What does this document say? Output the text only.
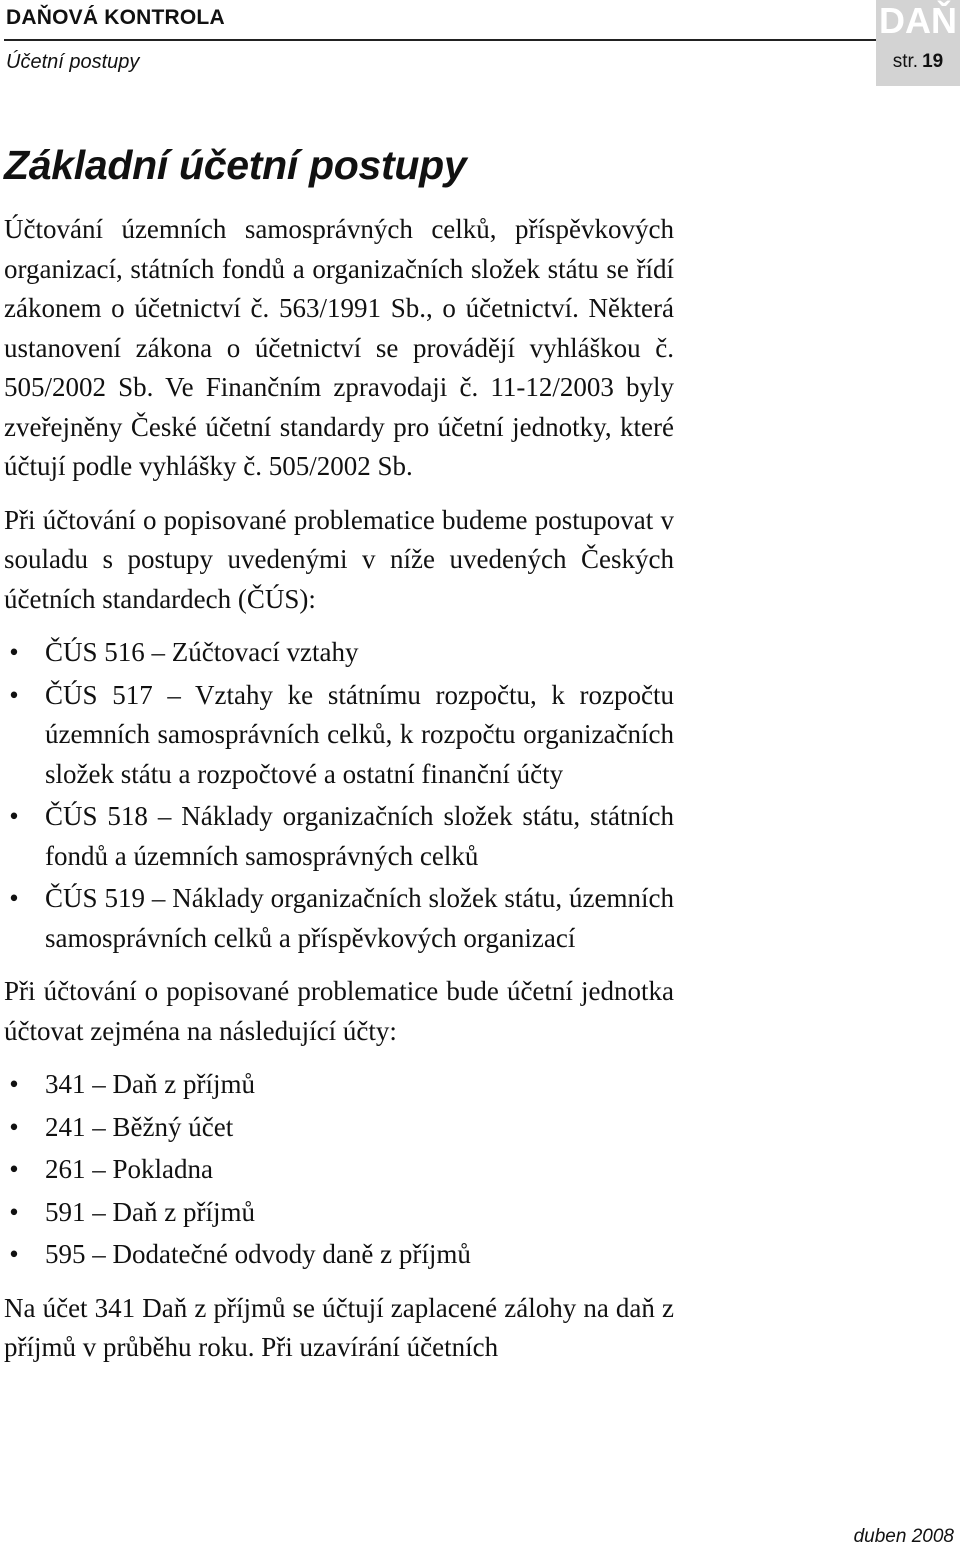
DAŇOVÁ KONTROLA
Účetní postupy
DAŇ
str. 19
Základní účetní postupy

Účtování územních samosprávných celků, příspěvkových organizací, státních fondů a organizačních složek státu se řídí zákonem o účetnictví č. 563/1991 Sb., o účetnictví. Některá ustanovení zákona o účetnictví se provádějí vyhláškou č. 505/2002 Sb. Ve Finančním zpravodaji č. 11-12/2003 byly zveřejněny České účetní standardy pro účetní jednotky, které účtují podle vyhlášky č. 505/2002 Sb.

Při účtování o popisované problematice budeme postupovat v souladu s postupy uvedenými v níže uvedených Českých účetních standardech (ČÚS):

• ČÚS 516 – Zúčtovací vztahy
• ČÚS 517 – Vztahy ke státnímu rozpočtu, k rozpočtu územních samosprávních celků, k rozpočtu organizačních složek státu a rozpočtové a ostatní finanční účty
• ČÚS 518 – Náklady organizačních složek státu, státních fondů a územních samosprávných celků
• ČÚS 519 – Náklady organizačních složek státu, územních samosprávních celků a příspěvkových organizací

Při účtování o popisované problematice bude účetní jednotka účtovat zejména na následující účty:

• 341 – Daň z příjmů
• 241 – Běžný účet
• 261 – Pokladna
• 591 – Daň z příjmů
• 595 – Dodatečné odvody daně z příjmů

Na účet 341 Daň z příjmů se účtují zaplacené zálohy na daň z příjmů v průběhu roku. Při uzavírání účetních

duben 2008
